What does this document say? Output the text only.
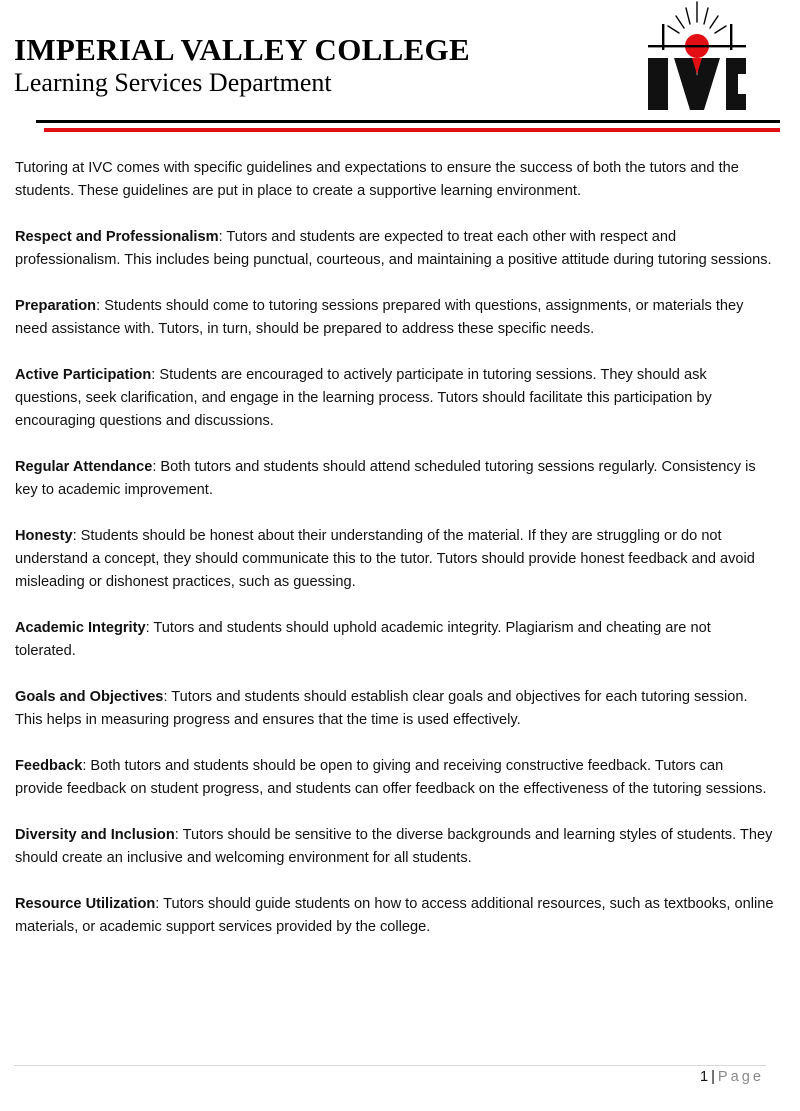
IMPERIAL VALLEY COLLEGE
Learning Services Department

Tutoring at IVC comes with specific guidelines and expectations to ensure the success of both the tutors and the students. These guidelines are put in place to create a supportive learning environment.

Respect and Professionalism: Tutors and students are expected to treat each other with respect and professionalism. This includes being punctual, courteous, and maintaining a positive attitude during tutoring sessions.

Preparation: Students should come to tutoring sessions prepared with questions, assignments, or materials they need assistance with. Tutors, in turn, should be prepared to address these specific needs.

Active Participation: Students are encouraged to actively participate in tutoring sessions. They should ask questions, seek clarification, and engage in the learning process. Tutors should facilitate this participation by encouraging questions and discussions.

Regular Attendance: Both tutors and students should attend scheduled tutoring sessions regularly. Consistency is key to academic improvement.

Honesty: Students should be honest about their understanding of the material. If they are struggling or do not understand a concept, they should communicate this to the tutor. Tutors should provide honest feedback and avoid misleading or dishonest practices, such as guessing.

Academic Integrity: Tutors and students should uphold academic integrity. Plagiarism and cheating are not tolerated.

Goals and Objectives: Tutors and students should establish clear goals and objectives for each tutoring session. This helps in measuring progress and ensures that the time is used effectively.

Feedback: Both tutors and students should be open to giving and receiving constructive feedback. Tutors can provide feedback on student progress, and students can offer feedback on the effectiveness of the tutoring sessions.

Diversity and Inclusion: Tutors should be sensitive to the diverse backgrounds and learning styles of students. They should create an inclusive and welcoming environment for all students.

Resource Utilization: Tutors should guide students on how to access additional resources, such as textbooks, online materials, or academic support services provided by the college.

1 | Page
